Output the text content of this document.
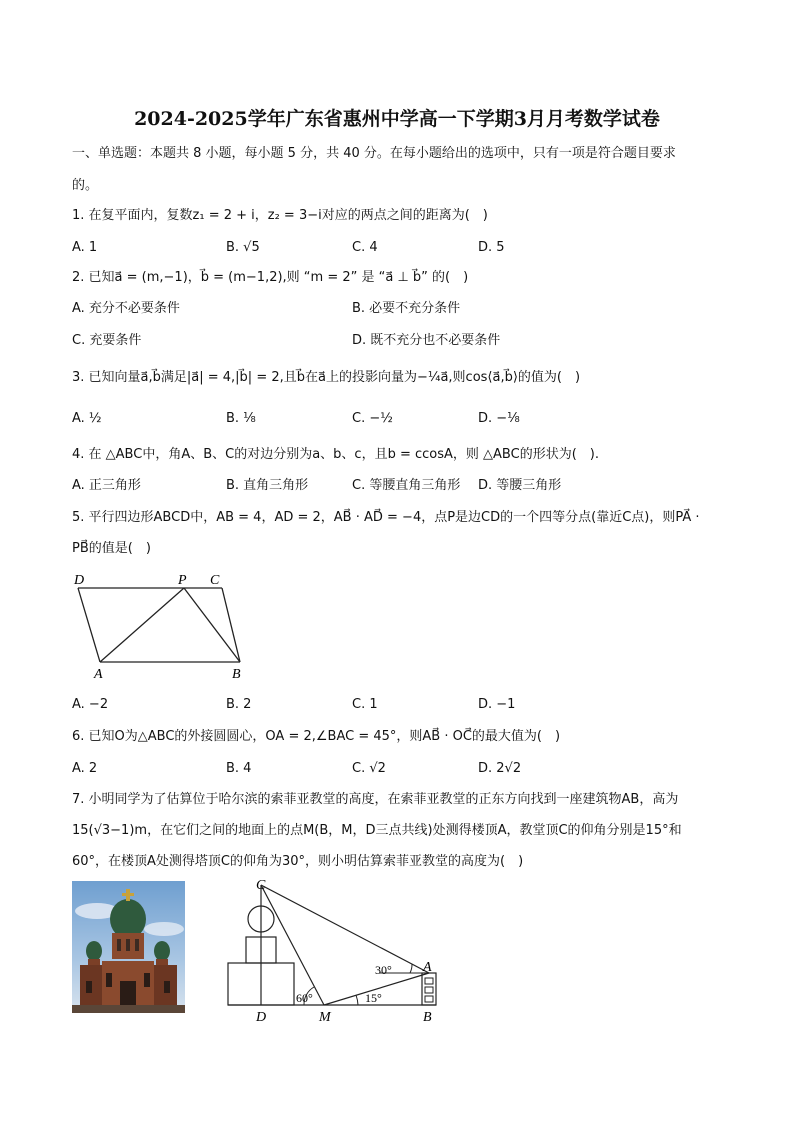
2024-2025学年广东省惠州中学高一下学期3月月考数学试卷
一、单选题：本题共 8 小题，每小题 5 分，共 40 分。在每小题给出的选项中，只有一项是符合题目要求
的。
1. 在复平面内，复数z₁ = 2 + i，z₂ = 3−i对应的两点之间的距离为(　)
A. 1	B. √5	C. 4	D. 5
2. 已知a⃗ = (m,−1)，b⃗ = (m−1,2),则 “m = 2” 是 “a⃗ ⊥ b⃗” 的(　)
A. 充分不必要条件	B. 必要不充分条件
C. 充要条件	D. 既不充分也不必要条件
3. 已知向量a⃗,b⃗满足|a⃗| = 4,|b⃗| = 2,且b⃗在a⃗上的投影向量为−¼a⃗,则cos⟨a⃗,b⃗⟩的值为(　)
A. ½	B. ⅛	C. −½	D. −⅛
4. 在 △ABC中，角A、B、C的对边分别为a、b、c，且b = ccosA，则 △ABC的形状为(　).
A. 正三角形	B. 直角三角形	C. 等腰直角三角形 D. 等腰三角形
5. 平行四边形ABCD中，AB = 4，AD = 2，AB⃗ · AD⃗ = −4，点P是边CD的一个四等分点(靠近C点)，则PA⃗ ·
PB⃗的值是(　)
D	P C
A	B
A. −2	B. 2	C. 1	D. −1
6. 已知O为△ABC的外接圆圆心，OA = 2,∠BAC = 45°，则AB⃗ · OC⃗的最大值为(　)
A. 2	B. 4	C. √2	D. 2√2
7. 小明同学为了估算位于哈尔滨的索菲亚教堂的高度，在索菲亚教堂的正东方向找到一座建筑物AB，高为
15(√3−1)m，在它们之间的地面上的点M(B，M，D三点共线)处测得楼顶A，教堂顶C的仰角分别是15°和
60°，在楼顶A处测得塔顶C的仰角为30°，则小明估算索菲亚教堂的高度为(　)
C
A
D	M	B
30°
60°	15°
